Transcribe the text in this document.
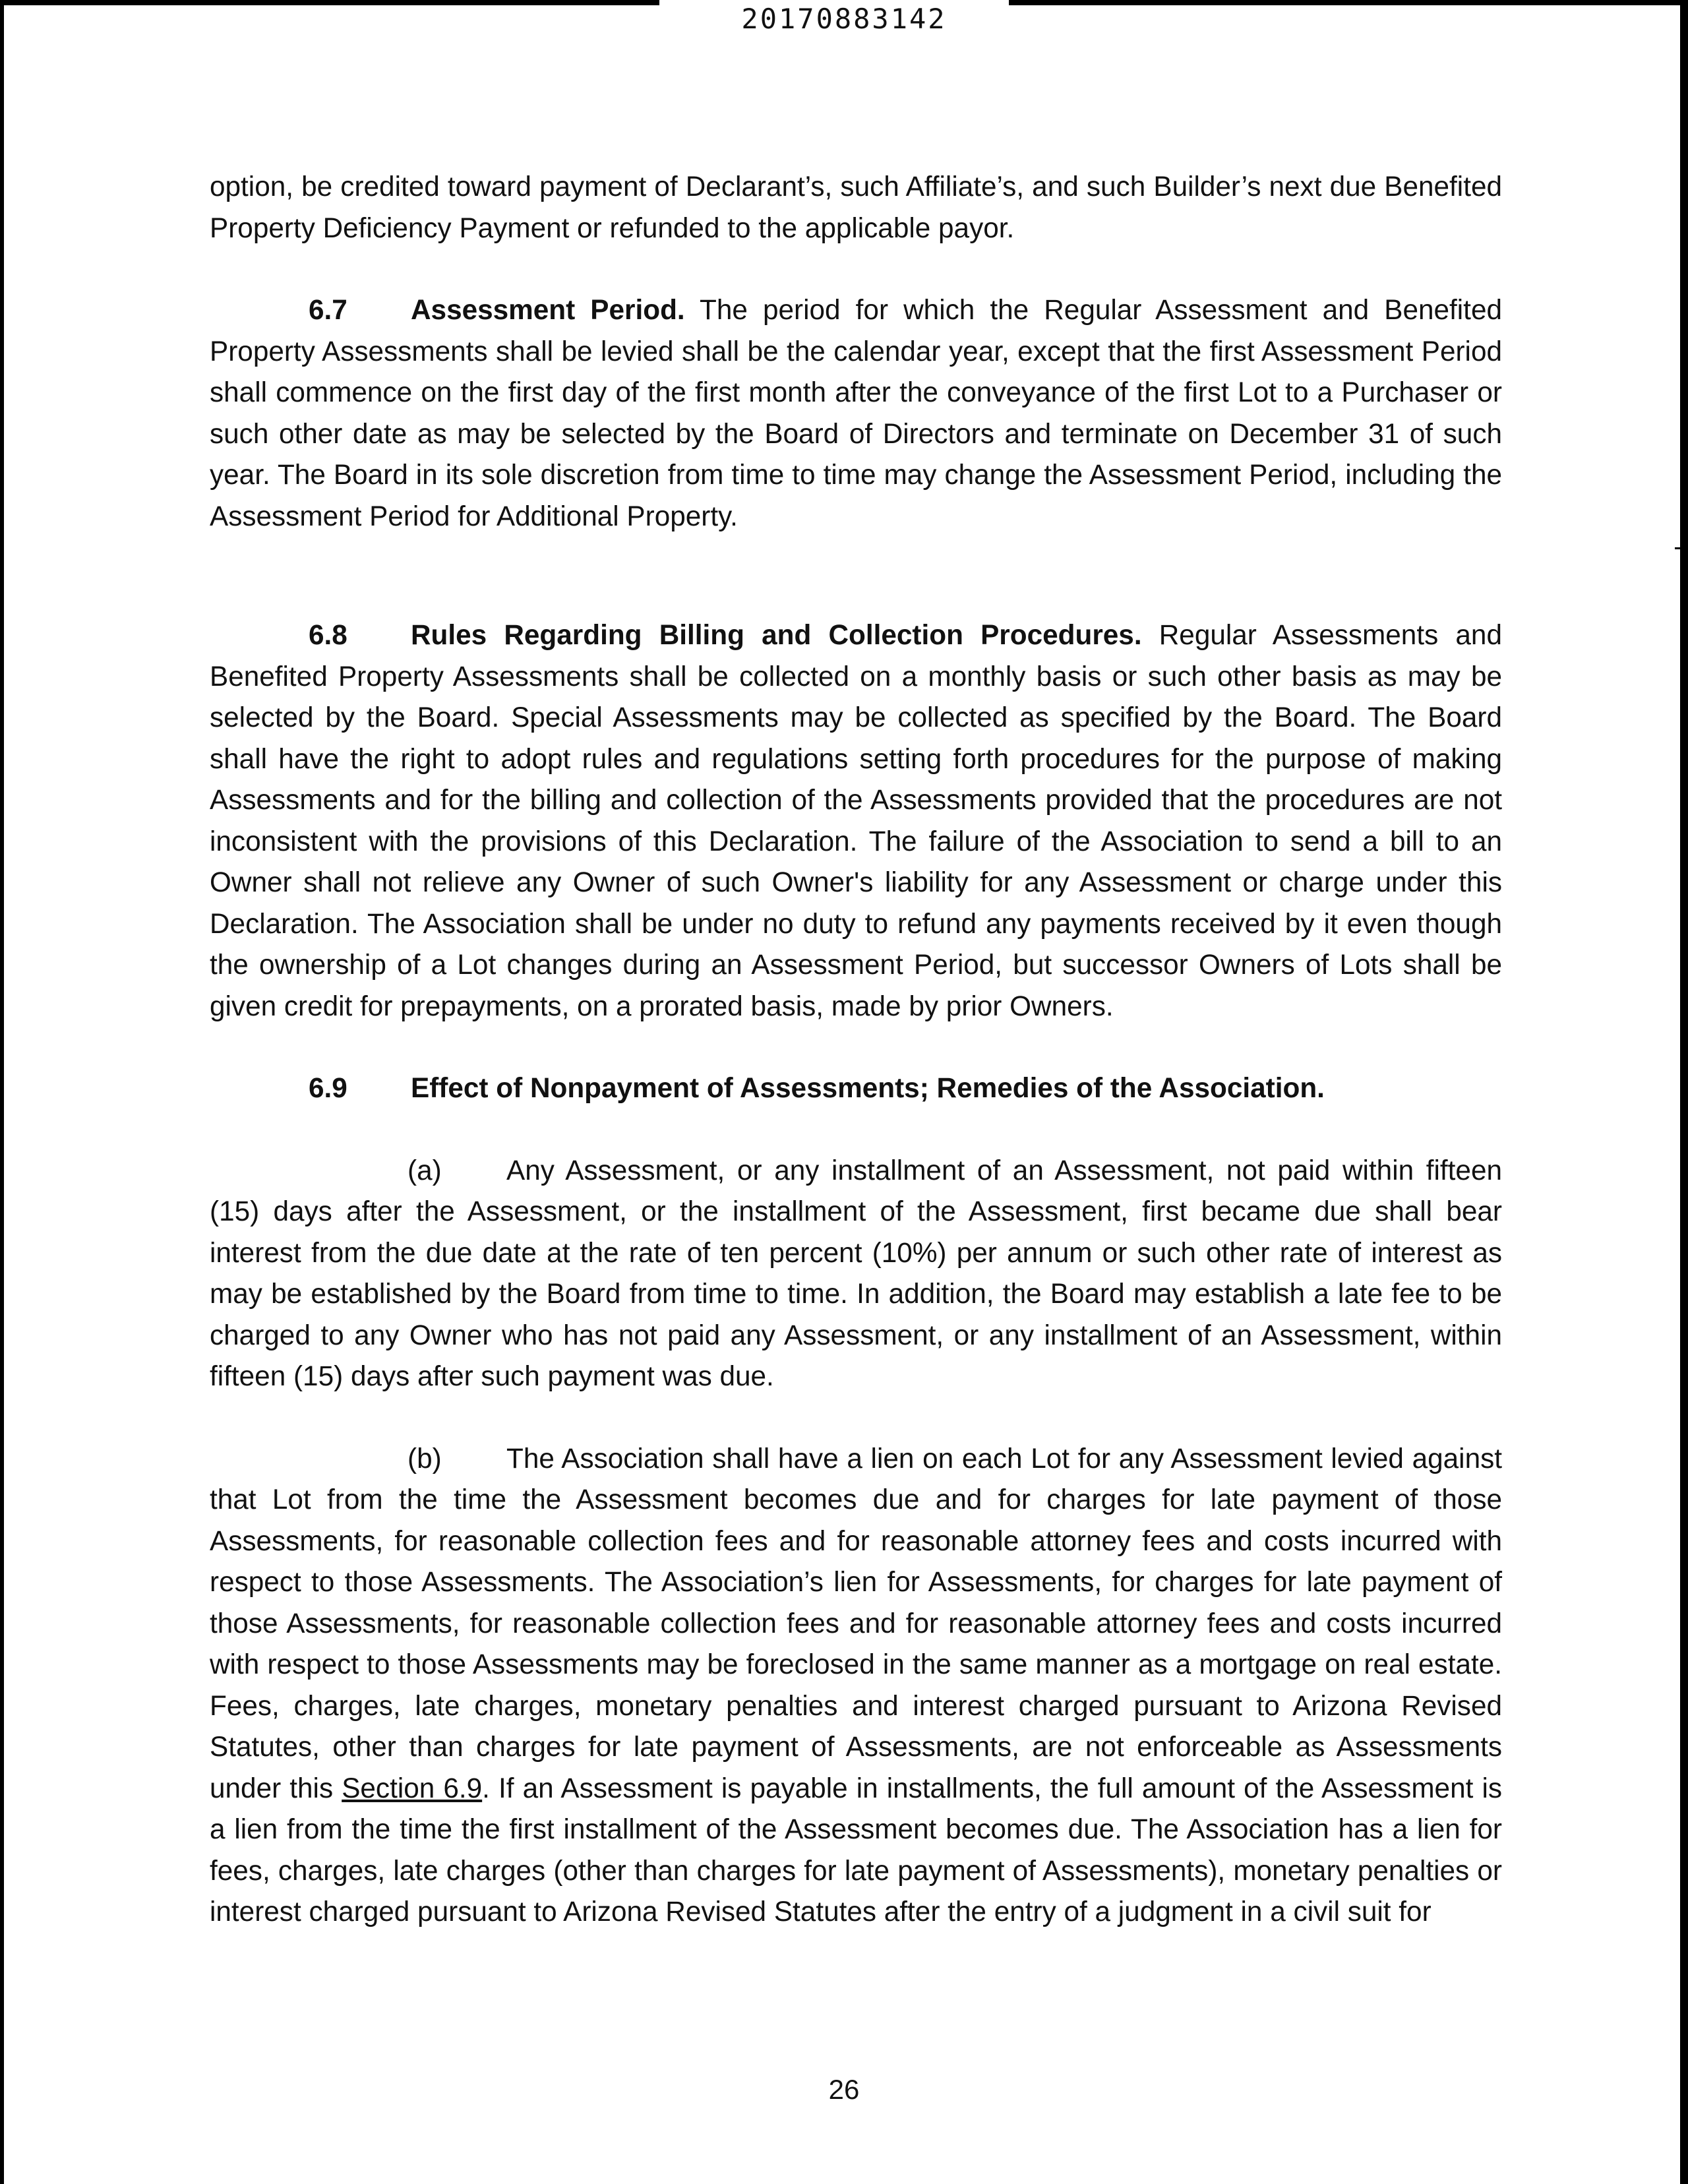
20170883142

option, be credited toward payment of Declarant’s, such Affiliate’s, and such Builder’s next due Benefited Property Deficiency Payment or refunded to the applicable payor.

6.7 Assessment Period. The period for which the Regular Assessment and Benefited Property Assessments shall be levied shall be the calendar year, except that the first Assessment Period shall commence on the first day of the first month after the conveyance of the first Lot to a Purchaser or such other date as may be selected by the Board of Directors and terminate on December 31 of such year. The Board in its sole discretion from time to time may change the Assessment Period, including the Assessment Period for Additional Property.

6.8 Rules Regarding Billing and Collection Procedures. Regular Assessments and Benefited Property Assessments shall be collected on a monthly basis or such other basis as may be selected by the Board. Special Assessments may be collected as specified by the Board. The Board shall have the right to adopt rules and regulations setting forth procedures for the purpose of making Assessments and for the billing and collection of the Assessments provided that the procedures are not inconsistent with the provisions of this Declaration. The failure of the Association to send a bill to an Owner shall not relieve any Owner of such Owner's liability for any Assessment or charge under this Declaration. The Association shall be under no duty to refund any payments received by it even though the ownership of a Lot changes during an Assessment Period, but successor Owners of Lots shall be given credit for prepayments, on a prorated basis, made by prior Owners.

6.9 Effect of Nonpayment of Assessments; Remedies of the Association.

(a) Any Assessment, or any installment of an Assessment, not paid within fifteen (15) days after the Assessment, or the installment of the Assessment, first became due shall bear interest from the due date at the rate of ten percent (10%) per annum or such other rate of interest as may be established by the Board from time to time. In addition, the Board may establish a late fee to be charged to any Owner who has not paid any Assessment, or any installment of an Assessment, within fifteen (15) days after such payment was due.

(b) The Association shall have a lien on each Lot for any Assessment levied against that Lot from the time the Assessment becomes due and for charges for late payment of those Assessments, for reasonable collection fees and for reasonable attorney fees and costs incurred with respect to those Assessments. The Association’s lien for Assessments, for charges for late payment of those Assessments, for reasonable collection fees and for reasonable attorney fees and costs incurred with respect to those Assessments may be foreclosed in the same manner as a mortgage on real estate. Fees, charges, late charges, monetary penalties and interest charged pursuant to Arizona Revised Statutes, other than charges for late payment of Assessments, are not enforceable as Assessments under this Section 6.9. If an Assessment is payable in installments, the full amount of the Assessment is a lien from the time the first installment of the Assessment becomes due. The Association has a lien for fees, charges, late charges (other than charges for late payment of Assessments), monetary penalties or interest charged pursuant to Arizona Revised Statutes after the entry of a judgment in a civil suit for

26
